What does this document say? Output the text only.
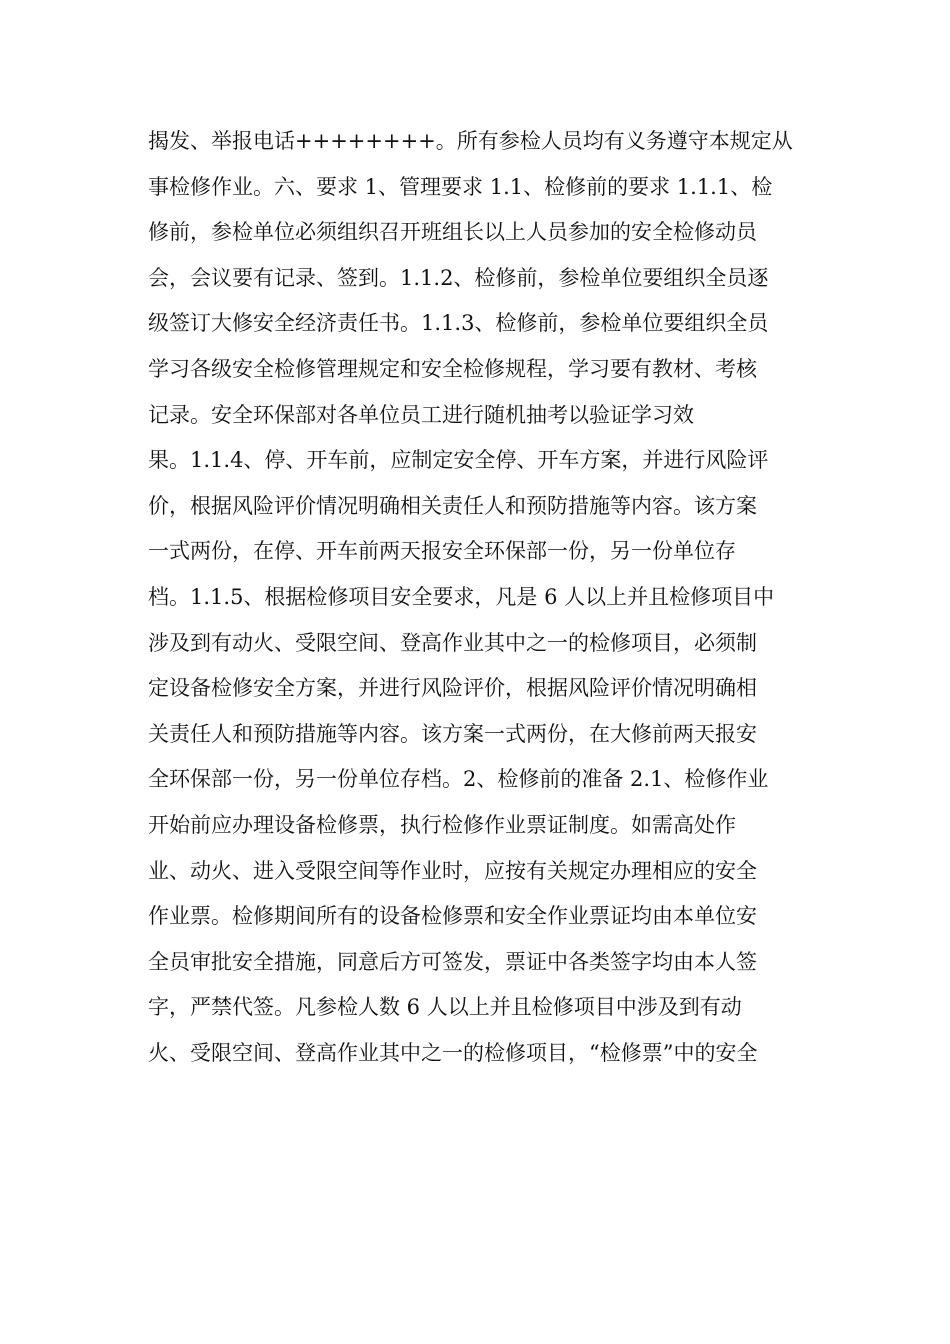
揭发、举报电话++++++++。所有参检人员均有义务遵守本规定从
事检修作业。六、要求 1、管理要求 1.1、检修前的要求 1.1.1、检
修前，参检单位必须组织召开班组长以上人员参加的安全检修动员
会，会议要有记录、签到。1.1.2、检修前，参检单位要组织全员逐
级签订大修安全经济责任书。1.1.3、检修前，参检单位要组织全员
学习各级安全检修管理规定和安全检修规程，学习要有教材、考核
记录。安全环保部对各单位员工进行随机抽考以验证学习效
果。1.1.4、停、开车前，应制定安全停、开车方案，并进行风险评
价，根据风险评价情况明确相关责任人和预防措施等内容。该方案
一式两份，在停、开车前两天报安全环保部一份，另一份单位存
档。1.1.5、根据检修项目安全要求，凡是 6 人以上并且检修项目中
涉及到有动火、受限空间、登高作业其中之一的检修项目，必须制
定设备检修安全方案，并进行风险评价，根据风险评价情况明确相
关责任人和预防措施等内容。该方案一式两份，在大修前两天报安
全环保部一份，另一份单位存档。2、检修前的准备 2.1、检修作业
开始前应办理设备检修票，执行检修作业票证制度。如需高处作
业、动火、进入受限空间等作业时，应按有关规定办理相应的安全
作业票。检修期间所有的设备检修票和安全作业票证均由本单位安
全员审批安全措施，同意后方可签发，票证中各类签字均由本人签
字，严禁代签。凡参检人数 6 人以上并且检修项目中涉及到有动
火、受限空间、登高作业其中之一的检修项目，“检修票”中的安全
